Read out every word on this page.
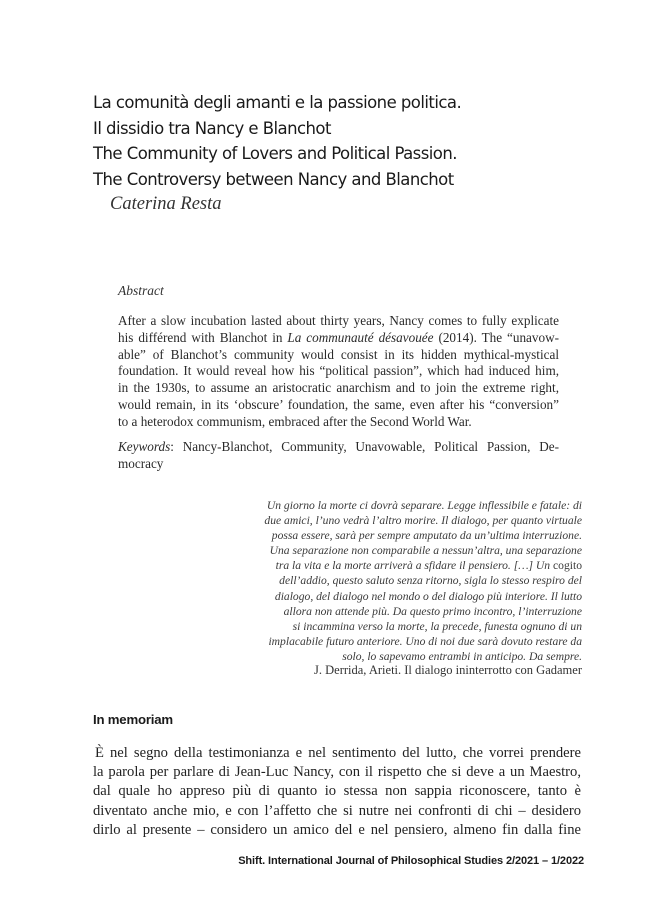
La comunità degli amanti e la passione politica.
Il dissidio tra Nancy e Blanchot
The Community of Lovers and Political Passion.
The Controversy between Nancy and Blanchot
Caterina Resta
Abstract
After a slow incubation lasted about thirty years, Nancy comes to fully explicate
his différend with Blanchot in La communauté désavouée (2014). The “unavow-
able” of Blanchot’s community would consist in its hidden mythical-mystical
foundation. It would reveal how his “political passion”, which had induced him,
in the 1930s, to assume an aristocratic anarchism and to join the extreme right,
would remain, in its ‘obscure’ foundation, the same, even after his “conversion”
to a heterodox communism, embraced after the Second World War.
Keywords: Nancy-Blanchot, Community, Unavowable, Political Passion, De-
mocracy
Un giorno la morte ci dovrà separare. Legge inflessibile e fatale: di
due amici, l’uno vedrà l’altro morire. Il dialogo, per quanto virtuale
possa essere, sarà per sempre amputato da un’ultima interruzione.
Una separazione non comparabile a nessun’altra, una separazione
tra la vita e la morte arriverà a sfidare il pensiero. […] Un cogito
dell’addio, questo saluto senza ritorno, sigla lo stesso respiro del
dialogo, del dialogo nel mondo o del dialogo più interiore. Il lutto
allora non attende più. Da questo primo incontro, l’interruzione
si incammina verso la morte, la precede, funesta ognuno di un
implacabile futuro anteriore. Uno di noi due sarà dovuto restare da
solo, lo sapevamo entrambi in anticipo. Da sempre.
J. Derrida, Arieti. Il dialogo ininterrotto con Gadamer
In memoriam
È nel segno della testimonianza e nel sentimento del lutto, che vorrei prendere
la parola per parlare di Jean-Luc Nancy, con il rispetto che si deve a un Maestro,
dal quale ho appreso più di quanto io stessa non sappia riconoscere, tanto è
diventato anche mio, e con l’affetto che si nutre nei confronti di chi – desidero
dirlo al presente – considero un amico del e nel pensiero, almeno fin dalla fine
Shift. International Journal of Philosophical Studies 2/2021 – 1/2022
